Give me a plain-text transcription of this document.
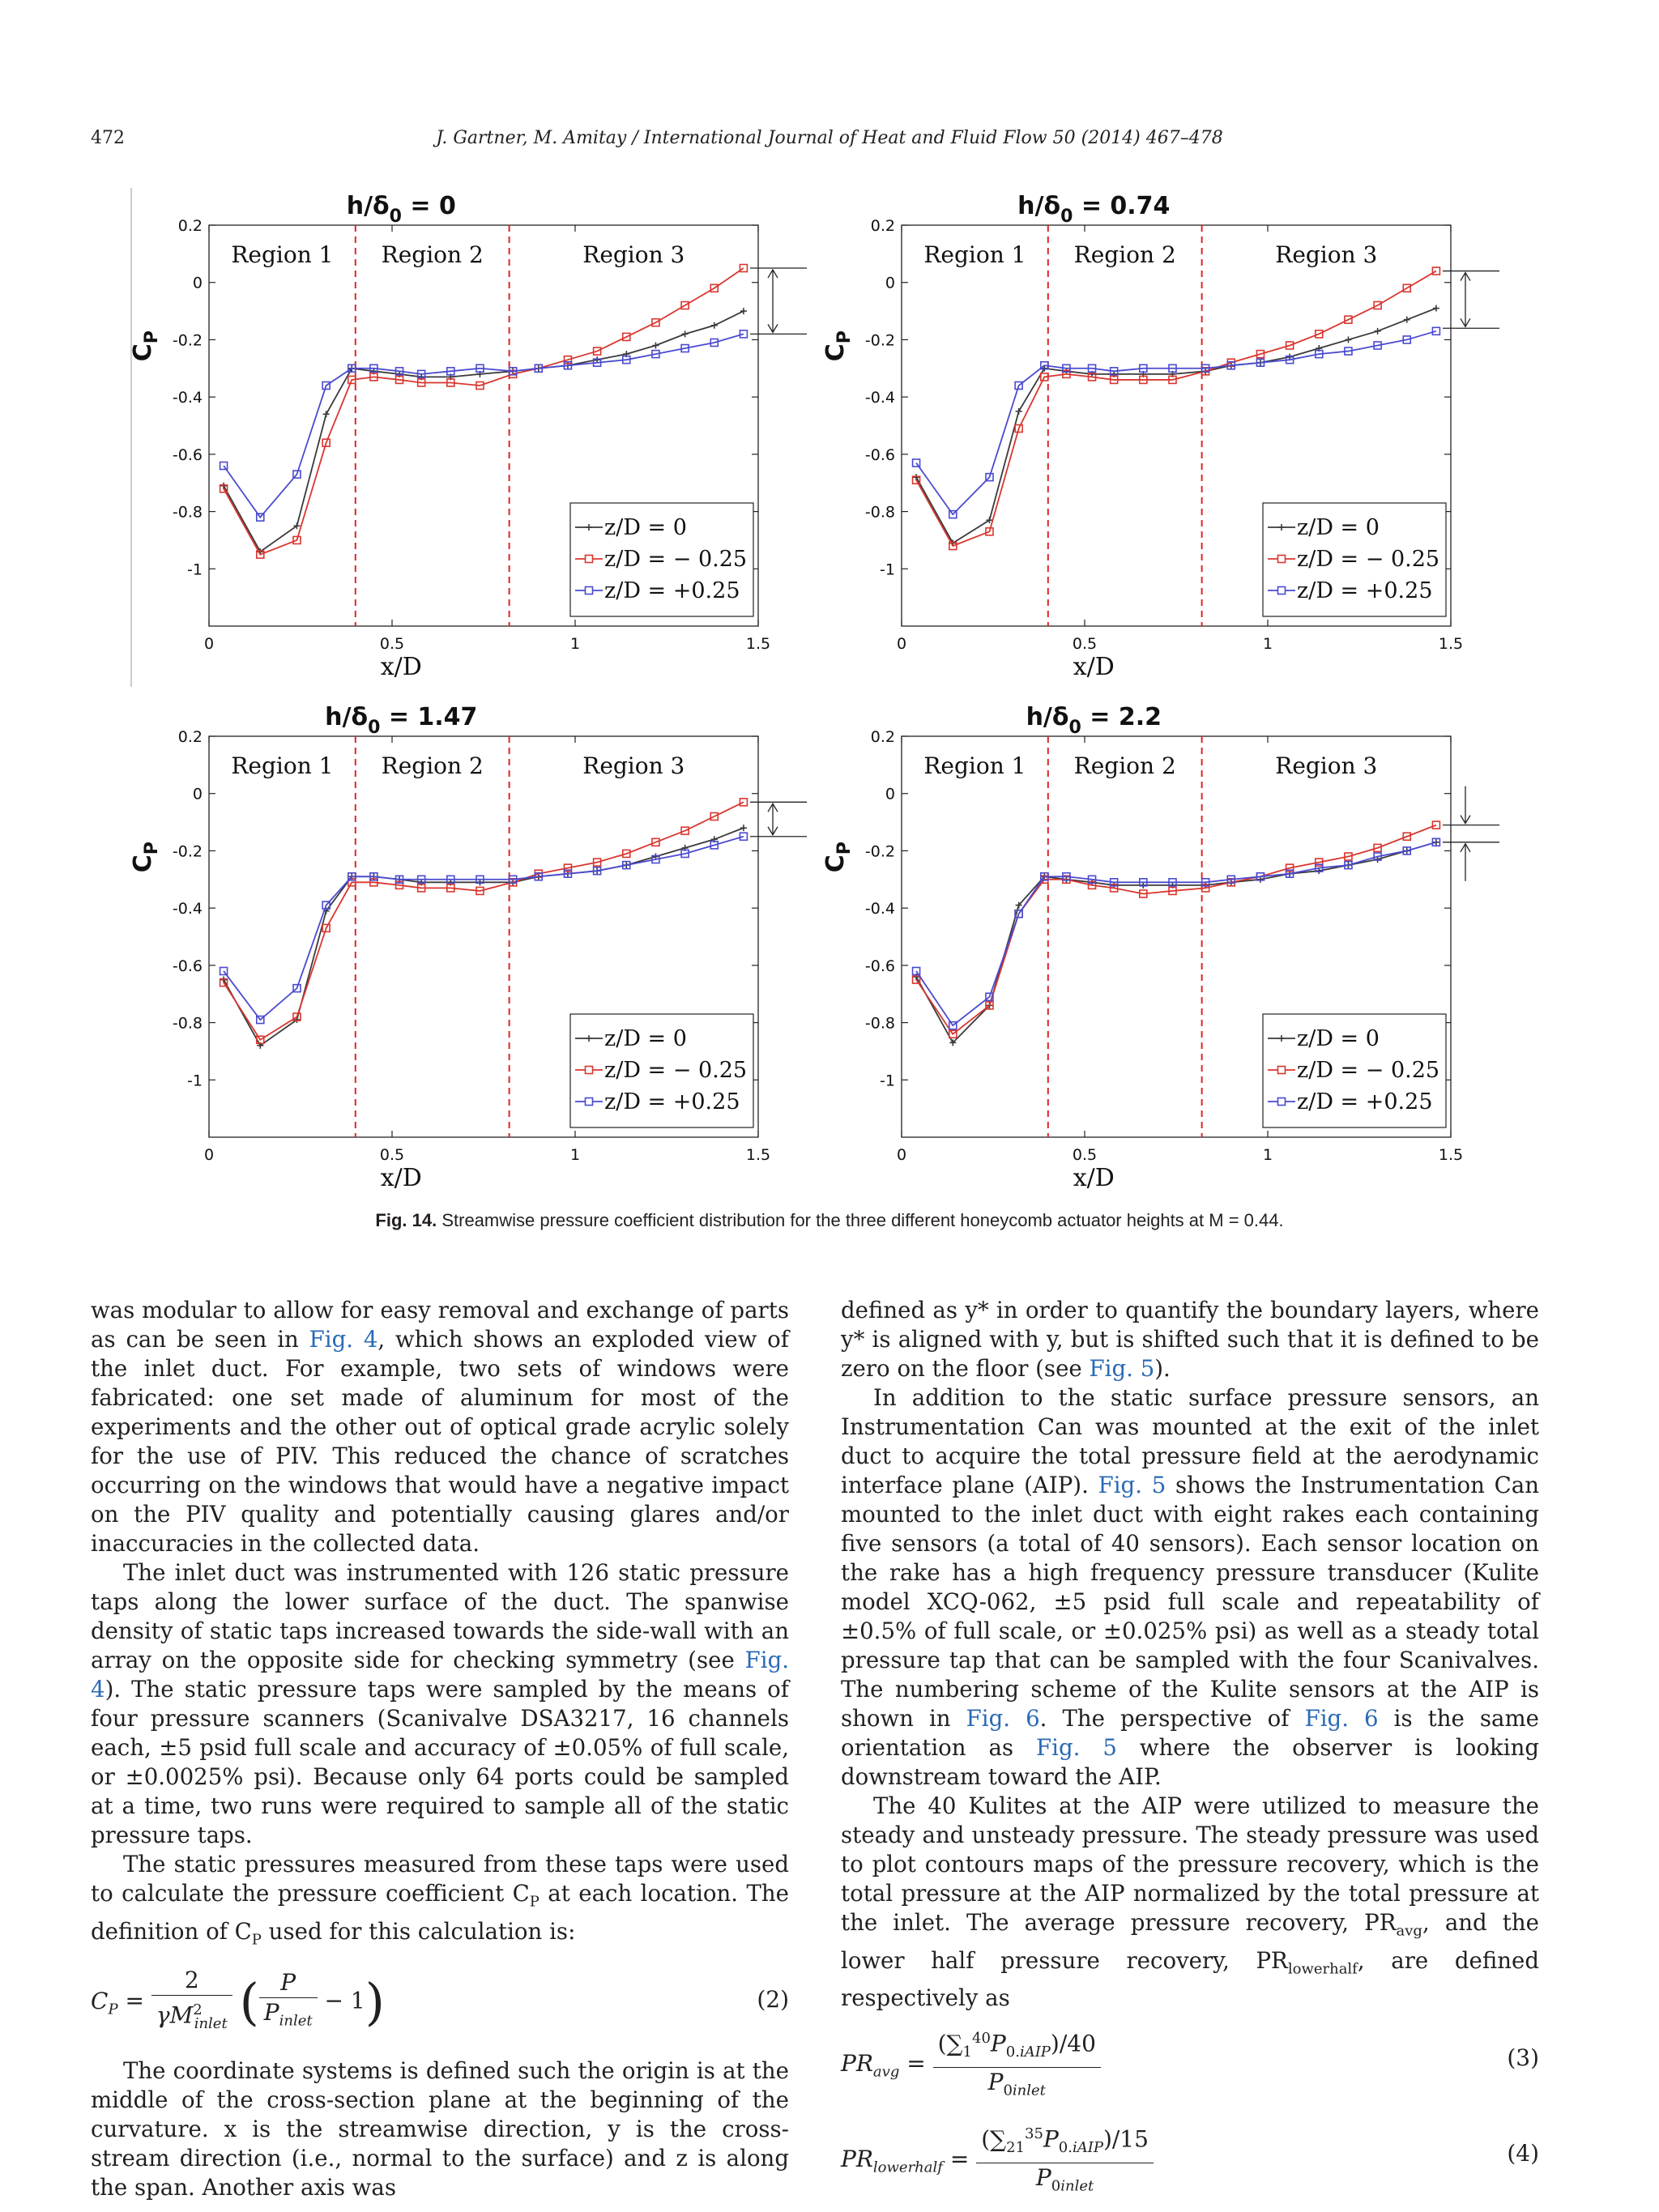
472	J. Gartner, M. Amitay / International Journal of Heat and Fluid Flow 50 (2014) 467–478
$h/\delta_0 = 0$
0.2
0
-0.2
-0.4
-0.6
-0.8
-1
0	0.5	1	1.5
x/D
$C_P$
Region 1 Region 2	Region 3
z/D = 0
z/D = − 0.25
z/D = +0.25
$h/\delta_0 = 0.74$
0.2
0
-0.2
-0.4
-0.6
-0.8
-1
0	0.5	1	1.5
x/D
$C_P$
Region 1 Region 2	Region 3
z/D = 0
z/D = − 0.25
z/D = +0.25
$h/\delta_0 = 1.47$
0.2
0
-0.2
-0.4
-0.6
-0.8
-1
0	0.5	1	1.5
x/D
$C_P$
Region 1 Region 2	Region 3
z/D = 0
z/D = − 0.25
z/D = +0.25
$h/\delta_0 = 2.2$
0.2
0
-0.2
-0.4
-0.6
-0.8
-1
0	0.5	1	1.5
x/D
$C_P$
Region 1 Region 2	Region 3
z/D = 0
z/D = − 0.25
z/D = +0.25
Fig. 14. Streamwise pressure coefficient distribution for the three different honeycomb actuator heights at M = 0.44.

was modular to allow for easy removal and exchange of parts as can be seen in Fig. 4, which shows an exploded view of the inlet duct. For example, two sets of windows were fabricated: one set made of aluminum for most of the experiments and the other out of optical grade acrylic solely for the use of PIV. This reduced the chance of scratches occurring on the windows that would have a negative impact on the PIV quality and potentially causing glares and/or inaccuracies in the collected data.

The inlet duct was instrumented with 126 static pressure taps along the lower surface of the duct. The spanwise density of static taps increased towards the side-wall with an array on the opposite side for checking symmetry (see Fig. 4). The static pressure taps were sampled by the means of four pressure scanners (Scanivalve DSA3217, 16 channels each, ±5 psid full scale and accuracy of ±0.05% of full scale, or ±0.0025% psi). Because only 64 ports could be sampled at a time, two runs were required to sample all of the static pressure taps.

The static pressures measured from these taps were used to calculate the pressure coefficient $C_P$ at each location. The definition of $C_P$ used for this calculation is:

$C_P = \frac{2}{\gamma M^2_{inlet}}$ ( $\frac{P}{P_{inlet}} - 1$)	(2)

The coordinate systems is defined such the origin is at the middle of the cross-section plane at the beginning of the curvature. x is the streamwise direction, y is the cross-stream direction (i.e., normal to the surface) and z is along the span. Another axis was

defined as y* in order to quantify the boundary layers, where y* is aligned with y, but is shifted such that it is defined to be zero on the floor (see Fig. 5).

In addition to the static surface pressure sensors, an Instrumentation Can was mounted at the exit of the inlet duct to acquire the total pressure field at the aerodynamic interface plane (AIP). Fig. 5 shows the Instrumentation Can mounted to the inlet duct with eight rakes each containing five sensors (a total of 40 sensors). Each sensor location on the rake has a high frequency pressure transducer (Kulite model XCQ-062, ±5 psid full scale and repeatability of ±0.5% of full scale, or ±0.025% psi) as well as a steady total pressure tap that can be sampled with the four Scanivalves. The numbering scheme of the Kulite sensors at the AIP is shown in Fig. 6. The perspective of Fig. 6 is the same orientation as Fig. 5 where the observer is looking downstream toward the AIP.

The 40 Kulites at the AIP were utilized to measure the steady and unsteady pressure. The steady pressure was used to plot contours maps of the pressure recovery, which is the total pressure at the AIP normalized by the total pressure at the inlet. The average pressure recovery, $PR_{avg}$, and the lower half pressure recovery, $PR_{lowerhalf}$, are defined respectively as

$PR_{avg} = \frac{(\sum_1^{40}P_{0.iAIP})/40}{P_{0inlet}}$	(3)
$PR_{lowerhalf} = \frac{(\sum_{21}^{35}P_{0.iAIP})/15}{P_{0inlet}}$	(4)
